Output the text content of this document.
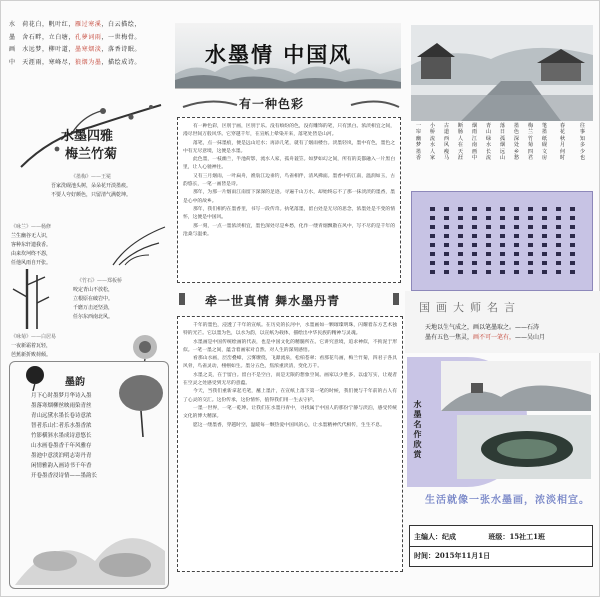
水　荷花白，帆叶红，雁过寒溪，白云描绘，
墨　舍石畔，立白塘，孔夢词雨，一世梅骨。
画　水远梦，柳叶道，墨寒烟淡，落香诗眠。
中　天涯雨，寒峰尽，狼烟为墨，描绘成诗。	水墨情 中国风
有一种色彩

有一种色彩，区别于画，区别于乐。没有缤纷的色，没有雕饰的笔，只有黑白。浓淡相宜之间，漫尽世间万般风华。它穿越千年，在宣纸上晕染开来，落笔处皆是山河。

落笔，点一抹墨痕，便是远山近水；再添几笔，就有了烟雨楼台。淡墨轻岚，墨中有色，墨色之中有无尽意境，这便是水墨。

此色墨，一枝幽兰，半池荷影，流水人家，孤舟蓑笠。如梦如幻之间，所有的美都融入一片黑白里，让人心驰神往。

又有三月烟雨，一叶扁舟，渔翁江边垂钓，鸟雀相伴，清风拂面。墨香中的江南，温润如玉，古韵悠长，一笔一画皆是诗。

那年，为那一片烟雨江南留下深深的足迹。寻遍千山万水，却始终忘不了那一抹淡淡的墨香，墨是心中的故乡。

那年，我们相约在墨香里，书写一段传奇。执笔落墨，留白处是无尽的思念，浓墨处是不变的情怀，这便是中国风。

那一刻，一点一墨浓淡相宜，墨色深处尽是乡愁，化作一缕青烟飘散在风中，写不尽的是千年的沧桑与温柔。

牵一世真情 舞水墨丹青

千年的墨色，浸透了千年的宣纸。在历史的长河中，水墨画如一颗璀璨明珠，闪耀着东方艺术独特的光芒。它以墨为色，以水为韵，以宣纸为载体，描绘出中华民族的精神与灵魂。

水墨画是中国传统绘画的代表，也是中国文化的精髓所在。它讲究意境，追求神似，不拘泥于形似。一笔一墨之间，蕴含着画家对自然、对人生的深刻感悟。

看那山水画，层峦叠嶂，云雾缭绕，飞瀑流泉，松柏苍翠；看那花鸟画，梅兰竹菊，四君子各具风骨，鸟雀灵动，栩栩如生。墨分五色，焦浓重淡清，变化万千。

水墨之美，在于留白。留白不是空白，而是无限的想象空间。画家以少胜多，以虚写实，让观者在空灵之处感受到无尽的意蕴。

今天，当我们重新拿起毛笔，蘸上墨汁，在宣纸上落下第一笔的时候，我们便与千年前的古人有了心灵的交汇。这份传承，这份情怀，值得我们用一生去守护。

一墨一世界，一笔一乾坤。让我们在水墨丹青中，寻找属于中国人的那份宁静与淡泊，感受传统文化的博大精深。

愿这一缕墨香，穿越时空，温暖每一颗热爱中国风的心，让水墨精神代代相传，生生不息。

水墨四雅
梅兰竹菊
《墨梅》——王冕
吾家洗砚池头树，朵朵花开淡墨痕。
不要人夸好颜色，只留清气满乾坤。
《咏兰》——杨修
兰生幽谷无人识，
客种东轩遗我香。
由来坎坷终不怨，
任他风雨自开张。
《竹石》——郑板桥
咬定青山不放松，
立根原在破岩中。
千磨万击还坚劲，
任尔东西南北风。
《咏菊》——白居易
一夜新霜着瓦轻，
芭蕉新折败荷倾。
墨韵
月下心时墨梦月华诗入墨
墨落寒烟柳丝映雨染青丝
青山远黛水墨长卷诗意浓
智者乐山仁者乐水墨香浓
竹影横斜水墨成诗意悠长
山水画卷墨香千年风雅存
墨池中意淡泊明志寄丹青
闲情雅韵入画诗书千年香
开卷墨香浸诗情——墨韵长
一帘幽梦墨香
小桥流水人家
古道西风瘦马
断肠人在天涯
烟雨江南画中
青山绿水长流
落日孤烟远山
墨色深处乡愁
梅兰竹菊四君
笔墨纸砚文房
春花秋月何时
往事知多少也
国画大师名言
天地以生气成之，画以笔墨取之。——石涛
墨有五色一焦灵，画不可一笔有，——吴山月
水墨名作欣赏
生活就像一张水墨画，浓淡相宜。
主编人：纪成	班级：15社工1班
时间：2015年11月1日
